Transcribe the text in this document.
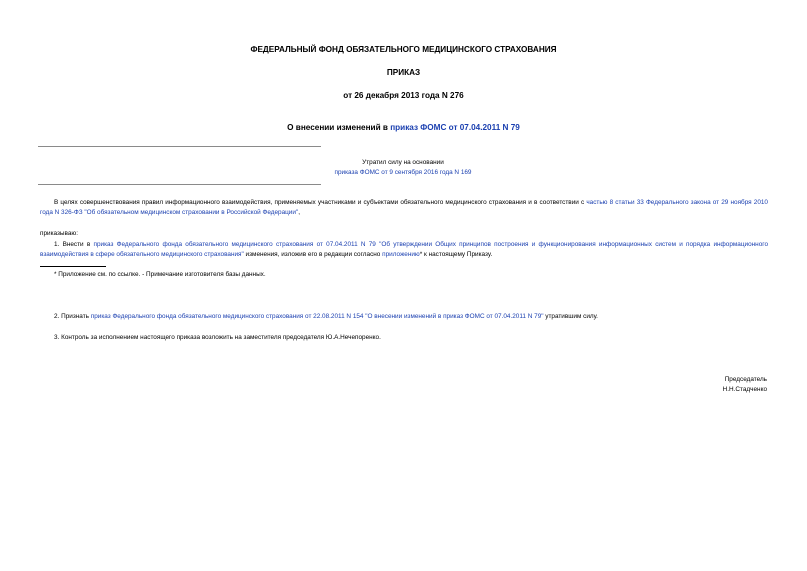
ФЕДЕРАЛЬНЫЙ ФОНД ОБЯЗАТЕЛЬНОГО МЕДИЦИНСКОГО СТРАХОВАНИЯ
ПРИКАЗ
от 26 декабря 2013 года N 276
О внесении изменений в приказ ФОМС от 07.04.2011 N 79
Утратил силу на основании
приказа ФОМС от 9 сентября 2016 года N 169
В целях совершенствования правил информационного взаимодействия, применяемых участниками и субъектами обязательного медицинского страхования и в соответствии с частью 8 статьи 33 Федерального закона от 29 ноября 2010 года N 326-ФЗ "Об обязательном медицинском страховании в Российской Федерации",
приказываю:
1. Внести в приказ Федерального фонда обязательного медицинского страхования от 07.04.2011 N 79 "Об утверждении Общих принципов построения и функционирования информационных систем и порядка информационного взаимодействия в сфере обязательного медицинского страхования" изменения, изложив его в редакции согласно приложению* к настоящему Приказу.
* Приложение см. по ссылке. - Примечание изготовителя базы данных.
2. Признать приказ Федерального фонда обязательного медицинского страхования от 22.08.2011 N 154 "О внесении изменений в приказ ФОМС от 07.04.2011 N 79" утратившим силу.
3. Контроль за исполнением настоящего приказа возложить на заместителя председателя Ю.А.Нечепоренко.
Председатель
Н.Н.Стадченко
